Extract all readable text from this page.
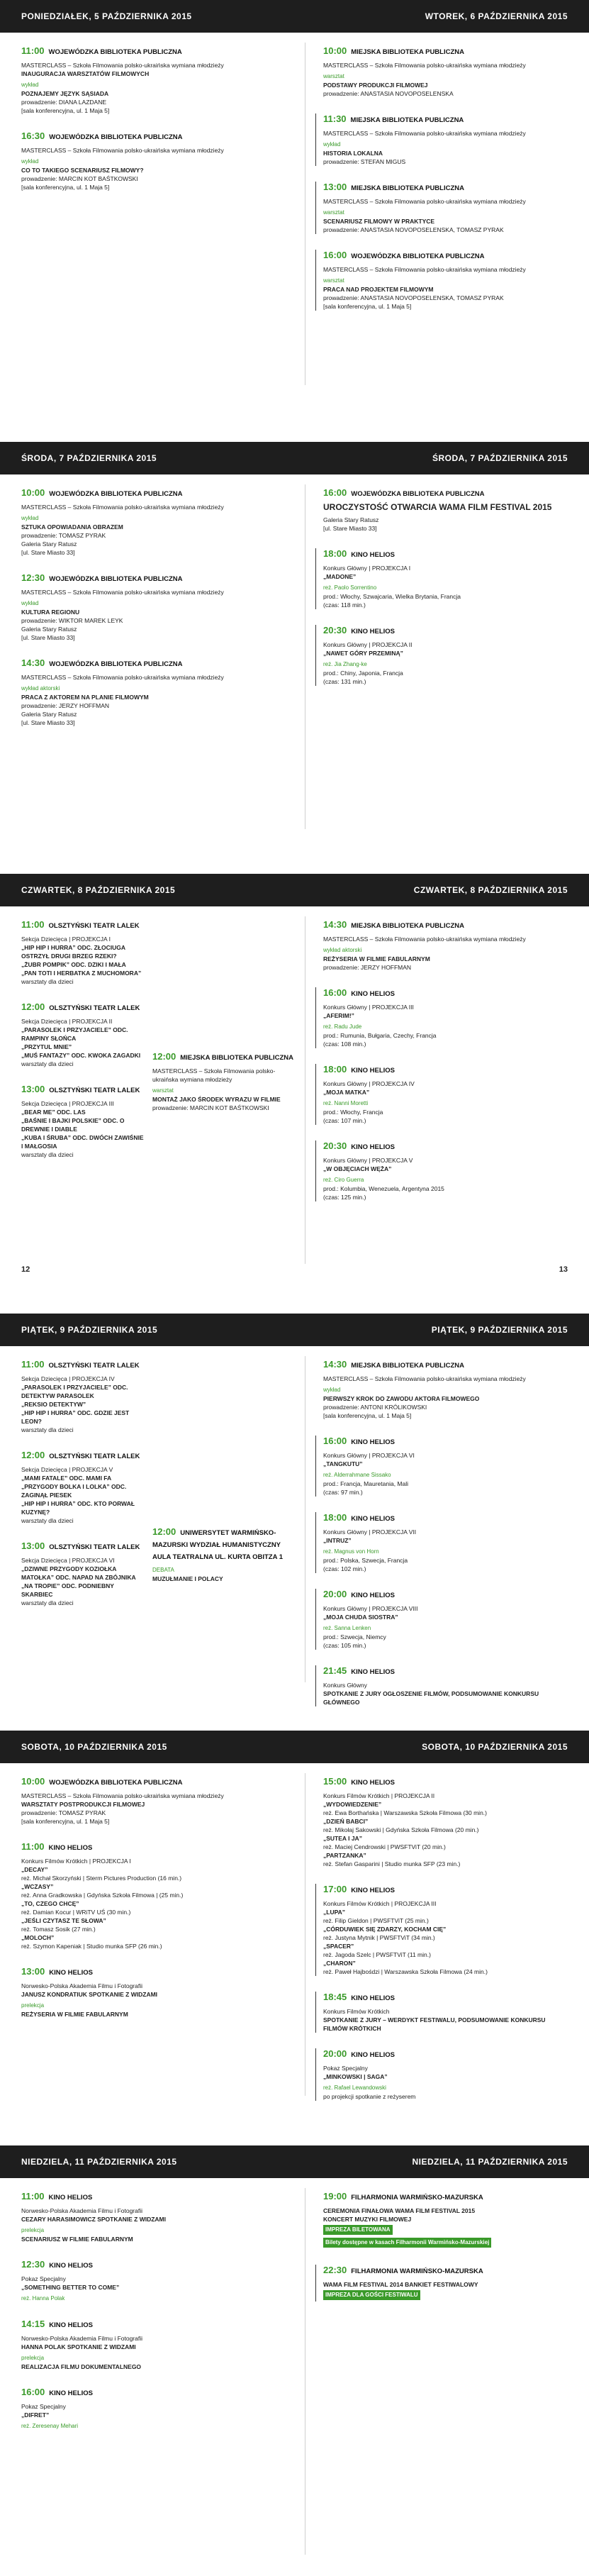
PONIEDZIAŁEK, 5 PAŹDZIERNIKA 2015	WTOREK, 6 PAŹDZIERNIKA 2015
11:00 WOJEWÓDZKA BIBLIOTEKA PUBLICZNA
MASTERCLASS – Szkoła Filmowania polsko-ukraińska wymiana młodzieży
INAUGURACJA WARSZTATÓW FILMOWYCH
wykład
POZNAJEMY JĘZYK SĄSIADA
prowadzenie: DIANA LAZDANE
[sala konferencyjna, ul. 1 Maja 5]
16:30 WOJEWÓDZKA BIBLIOTEKA PUBLICZNA
MASTERCLASS – Szkoła Filmowania polsko-ukraińska wymiana młodzieży
wykład
CO TO TAKIEGO SCENARIUSZ FILMOWY?
prowadzenie: MARCIN KOT BAŚTKOWSKI
[sala konferencyjna, ul. 1 Maja 5]
10:00 MIEJSKA BIBLIOTEKA PUBLICZNA
MASTERCLASS – Szkoła Filmowania polsko-ukraińska wymiana młodzieży
warsztat
PODSTAWY PRODUKCJI FILMOWEJ
prowadzenie: ANASTASIA NOVOPOSELENSKA
11:30 MIEJSKA BIBLIOTEKA PUBLICZNA
MASTERCLASS – Szkoła Filmowania polsko-ukraińska wymiana młodzieży
wykład
HISTORIA LOKALNA
prowadzenie: STEFAN MIGUS
13:00 MIEJSKA BIBLIOTEKA PUBLICZNA
MASTERCLASS – Szkoła Filmowania polsko-ukraińska wymiana młodzieży
warsztat
SCENARIUSZ FILMOWY W PRAKTYCE
prowadzenie: ANASTASIA NOVOPOSELENSKA, TOMASZ PYRAK
16:00 WOJEWÓDZKA BIBLIOTEKA PUBLICZNA
MASTERCLASS – Szkoła Filmowania polsko-ukraińska wymiana młodzieży
warsztat
PRACA NAD PROJEKTEM FILMOWYM
prowadzenie: ANASTASIA NOVOPOSELENSKA, TOMASZ PYRAK
[sala konferencyjna, ul. 1 Maja 5]
ŚRODA, 7 PAŹDZIERNIKA 2015	ŚRODA, 7 PAŹDZIERNIKA 2015
10:00 WOJEWÓDZKA BIBLIOTEKA PUBLICZNA
MASTERCLASS – Szkoła Filmowania polsko-ukraińska wymiana młodzieży
wykład
SZTUKA OPOWIADANIA OBRAZEM
prowadzenie: TOMASZ PYRAK
Galeria Stary Ratusz
[ul. Stare Miasto 33]
12:30 WOJEWÓDZKA BIBLIOTEKA PUBLICZNA
MASTERCLASS – Szkoła Filmowania polsko-ukraińska wymiana młodzieży
wykład
KULTURA REGIONU
prowadzenie: WIKTOR MAREK LEYK
Galeria Stary Ratusz
[ul. Stare Miasto 33]
14:30 WOJEWÓDZKA BIBLIOTEKA PUBLICZNA
MASTERCLASS – Szkoła Filmowania polsko-ukraińska wymiana młodzieży
wykład aktorski
PRACA Z AKTOREM NA PLANIE FILMOWYM
prowadzenie: JERZY HOFFMAN
Galeria Stary Ratusz
[ul. Stare Miasto 33]
16:00 WOJEWÓDZKA BIBLIOTEKA PUBLICZNA
UROCZYSTOŚĆ OTWARCIA WAMA FILM FESTIVAL 2015
Galeria Stary Ratusz
[ul. Stare Miasto 33]
18:00 KINO HELIOS
Konkurs Główny | PROJEKCJA I
„MADONE”
reż. Paolo Sorrentino
prod.: Włochy, Szwajcaria, Wielka Brytania, Francja
(czas: 118 min.)
20:30 KINO HELIOS
Konkurs Główny | PROJEKCJA II
„NAWET GÓRY PRZEMINĄ”
reż. Jia Zhang-ke
prod.: Chiny, Japonia, Francja
(czas: 131 min.)
CZWARTEK, 8 PAŹDZIERNIKA 2015	CZWARTEK, 8 PAŹDZIERNIKA 2015
11:00 OLSZTYŃSKI TEATR LALEK
Sekcja Dziecięca | PROJEKCJA I
„HIP HIP I HURRA” ODC. ZŁOCIUGA OSTRZYŁ DRUGI BRZEG RZEKI?
„ŻUBR POMPIK” ODC. DZIKI I MAŁA
„PAN TOTI I HERBATKA Z MUCHOMORA”
warsztaty dla dzieci
12:00 OLSZTYŃSKI TEATR LALEK
Sekcja Dziecięca | PROJEKCJA II
„PARASOLEK I PRZYJACIELE” ODC. RAMPINY SŁOŃCA
„PRZYTUL MNIE”
„MUŚ FANTAZY” ODC. KWOKA ZAGADKI
warsztaty dla dzieci
13:00 OLSZTYŃSKI TEATR LALEK
Sekcja Dziecięca | PROJEKCJA III
„BEAR ME” ODC. LAS
„BAŚNIE I BAJKI POLSKIE” ODC. O DREWNIE I DIABLE
„KUBA I ŚRUBA” ODC. DWÓCH ZAWIŚNIE I MAŁGOSIA
warsztaty dla dzieci
12:00 MIEJSKA BIBLIOTEKA PUBLICZNA
MASTERCLASS – Szkoła Filmowania polsko-ukraińska wymiana młodzieży
warsztat
MONTAŻ JAKO ŚRODEK WYRAZU W FILMIE
prowadzenie: MARCIN KOT BAŚTKOWSKI
14:30 MIEJSKA BIBLIOTEKA PUBLICZNA
MASTERCLASS – Szkoła Filmowania polsko-ukraińska wymiana młodzieży
wykład aktorski
REŻYSERIA W FILMIE FABULARNYM
prowadzenie: JERZY HOFFMAN
16:00 KINO HELIOS
Konkurs Główny | PROJEKCJA III
„AFERIM!”
reż. Radu Jude
prod.: Rumunia, Bułgaria, Czechy, Francja
(czas: 108 min.)
18:00 KINO HELIOS
Konkurs Główny | PROJEKCJA IV
„MOJA MATKA”
reż. Nanni Moretti
prod.: Włochy, Francja
(czas: 107 min.)
20:30 KINO HELIOS
Konkurs Główny | PROJEKCJA V
„W OBJĘCIACH WĘŻA”
reż. Ciro Guerra
prod.: Kolumbia, Wenezuela, Argentyna 2015
(czas: 125 min.)
12	13
PIĄTEK, 9 PAŹDZIERNIKA 2015	PIĄTEK, 9 PAŹDZIERNIKA 2015
11:00 OLSZTYŃSKI TEATR LALEK
Sekcja Dziecięca | PROJEKCJA IV
„PARASOLEK I PRZYJACIELE” ODC. DETEKTYW PARASOLEK
„REKSIO DETEKTYW”
„HIP HIP I HURRA” ODC. GDZIE JEST LEON?
warsztaty dla dzieci
12:00 OLSZTYŃSKI TEATR LALEK
Sekcja Dziecięca | PROJEKCJA V
„MAMI FATALE” ODC. MAMI FA
„PRZYGODY BOLKA I LOLKA” ODC. ZAGINĄŁ PIESEK
„HIP HIP I HURRA” ODC. KTO PORWAŁ KUZYNĘ?
warsztaty dla dzieci
13:00 OLSZTYŃSKI TEATR LALEK
Sekcja Dziecięca | PROJEKCJA VI
„DZIWNE PRZYGODY KOZIOŁKA MATOŁKA” ODC. NAPAD NA ZBÓJNIKA
„NA TROPIE” ODC. PODNIEBNY SKARBIEC
warsztaty dla dzieci
12:00 UNIWERSYTET WARMIŃSKO-MAZURSKI WYDZIAŁ HUMANISTYCZNY AULA TEATRALNA UL. KURTA OBITZA 1
DEBATA
MUZUŁMANIE I POLACY
14:30 MIEJSKA BIBLIOTEKA PUBLICZNA
MASTERCLASS – Szkoła Filmowania polsko-ukraińska wymiana młodzieży
wykład
PIERWSZY KROK DO ZAWODU AKTORA FILMOWEGO
prowadzenie: ANTONI KRÓLIKOWSKI
[sala konferencyjna, ul. 1 Maja 5]
16:00 KINO HELIOS
Konkurs Główny | PROJEKCJA VI
„TANGKUTU”
reż. Alderrahmane Sissako
prod.: Francja, Mauretania, Mali
(czas: 97 min.)
18:00 KINO HELIOS
Konkurs Główny | PROJEKCJA VII
„INTRUZ”
reż. Magnus von Horn
prod.: Polska, Szwecja, Francja
(czas: 102 min.)
20:00 KINO HELIOS
Konkurs Główny | PROJEKCJA VIII
„MOJA CHUDA SIOSTRA”
reż. Sanna Lenken
prod.: Szwecja, Niemcy
(czas: 105 min.)
21:45 KINO HELIOS
Konkurs Główny
SPOTKANIE Z JURY OGŁOSZENIE FILMÓW, PODSUMOWANIE KONKURSU GŁÓWNEGO
SOBOTA, 10 PAŹDZIERNIKA 2015	SOBOTA, 10 PAŹDZIERNIKA 2015
10:00 WOJEWÓDZKA BIBLIOTEKA PUBLICZNA
MASTERCLASS – Szkoła Filmowania polsko-ukraińska wymiana młodzieży
WARSZTATY POSTPRODUKCJI FILMOWEJ
prowadzenie: TOMASZ PYRAK
[sala konferencyjna, ul. 1 Maja 5]
11:00 KINO HELIOS
Konkurs Filmów Krótkich | PROJEKCJA I
„DECAY”
reż. Michał Skorzyński | Sterm Pictures Production (16 min.)
„WCZASY”
reż. Anna Gradkowska | Gdyńska Szkoła Filmowa | (25 min.)
„TO, CZEGO CHCĘ”
reż. Damian Kocur | WRiTV UŚ (30 min.)
„JEŚLI CZYTASZ TE SŁOWA”
reż. Tomasz Sosik (27 min.)
„MOLOCH”
reż. Szymon Kapeniak | Studio munka SFP (26 min.)
13:00 KINO HELIOS
Norwesko-Polska Akademia Filmu i Fotografii
JANUSZ KONDRATIUK SPOTKANIE Z WIDZAMI
prelekcja
REŻYSERIA W FILMIE FABULARNYM
15:00 KINO HELIOS
Konkurs Filmów Krótkich | PROJEKCJA II
„WYDOWIEDZENIE”
reż. Ewa Borthańska | Warszawska Szkoła Filmowa (30 min.)
„DZIEŃ BABCI”
reż. Mikołaj Sakowski | Gdyńska Szkoła Filmowa (20 min.)
„SUTEA I JA”
reż. Maciej Cendrowski | PWSFTViT (20 min.)
„PARTZANKA”
reż. Stefan Gasparini | Studio munka SFP (23 min.)
17:00 KINO HELIOS
Konkurs Filmów Krótkich | PROJEKCJA III
„LUPA”
reż. Filip Gieldon | PWSFTViT (25 min.)
„CÓRDUWIEK SIĘ ZDARZY, KOCHAM CIĘ”
reż. Justyna Mytnik | PWSFTViT (34 min.)
„SPACER”
reż. Jagoda Szelc | PWSFTViT (11 min.)
„CHARON”
reż. Paweł Hajbośdzi | Warszawska Szkoła Filmowa (24 min.)
18:45 KINO HELIOS
Konkurs Filmów Krótkich
SPOTKANIE Z JURY – WERDYKT FESTIWALU, PODSUMOWANIE KONKURSU FILMÓW KRÓTKICH
20:00 KINO HELIOS
Pokaz Specjalny
„MINKOWSKI | SAGA”
reż. Rafael Lewandowski
po projekcji spotkanie z reżyserem
NIEDZIELA, 11 PAŹDZIERNIKA 2015	NIEDZIELA, 11 PAŹDZIERNIKA 2015
11:00 KINO HELIOS
Norwesko-Polska Akademia Filmu i Fotografii
CEZARY HARASIMOWICZ SPOTKANIE Z WIDZAMI
prelekcja
SCENARIUSZ W FILMIE FABULARNYM
12:30 KINO HELIOS
Pokaz Specjalny
„SOMETHING BETTER TO COME”
reż. Hanna Polak
14:15 KINO HELIOS
Norwesko-Polska Akademia Filmu i Fotografii
HANNA POLAK SPOTKANIE Z WIDZAMI
prelekcja
REALIZACJA FILMU DOKUMENTALNEGO
16:00 KINO HELIOS
Pokaz Specjalny
„DIFRET”
reż. Zeresenay Mehari
19:00 FILHARMONIA WARMIŃSKO-MAZURSKA
CEREMONIA FINAŁOWA WAMA FILM FESTIVAL 2015
KONCERT MUZYKI FILMOWEJ
IMPREZA BILETOWANA
Bilety dostępne w kasach Filharmonii Warmińsko-Mazurskiej

22:30 FILHARMONIA WARMIŃSKO-MAZURSKA
WAMA FILM FESTIVAL 2014 BANKIET FESTIWALOWY
IMPREZA DLA GOŚCI FESTIWALU
